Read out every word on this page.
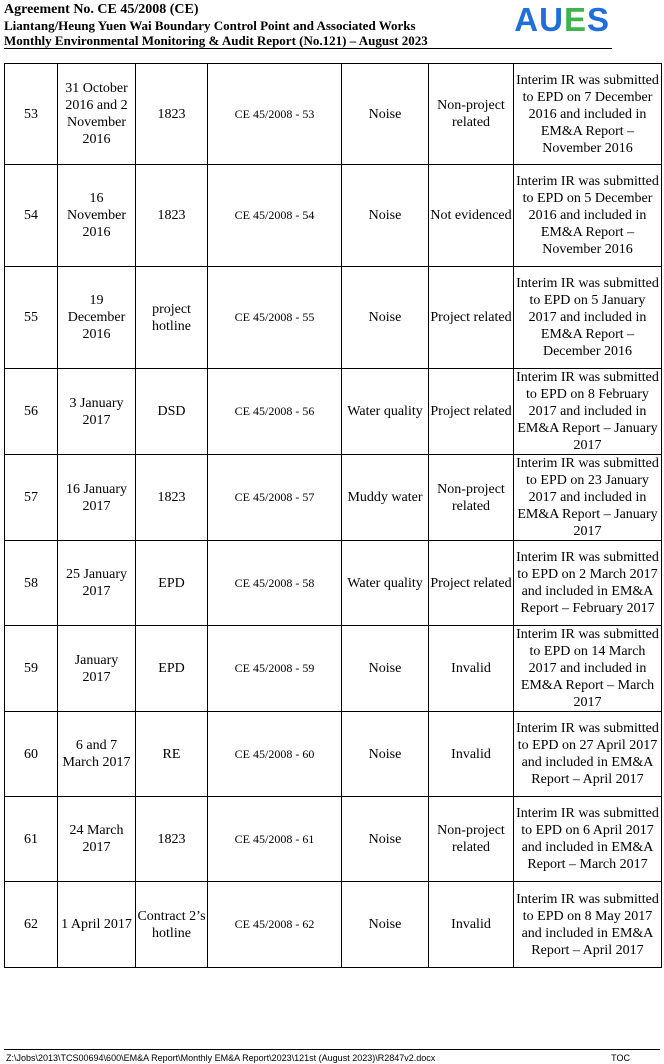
Agreement No. CE 45/2008 (CE)
Liantang/Heung Yuen Wai Boundary Control Point and Associated Works
Monthly Environmental Monitoring & Audit Report (No.121) – August 2023
AUES
53	31 October 2016 and 2 November 2016	1823	CE 45/2008 - 53	Noise	Non-project related	Interim IR was submitted to EPD on 7 December 2016 and included in EM&A Report – November 2016
54	16 November 2016	1823	CE 45/2008 - 54	Noise	Not evidenced	Interim IR was submitted to EPD on 5 December 2016 and included in EM&A Report – November 2016
55	19 December 2016	project hotline	CE 45/2008 - 55	Noise	Project related	Interim IR was submitted to EPD on 5 January 2017 and included in EM&A Report – December 2016
56	3 January 2017	DSD	CE 45/2008 - 56	Water quality	Project related	Interim IR was submitted to EPD on 8 February 2017 and included in EM&A Report – January 2017
57	16 January 2017	1823	CE 45/2008 - 57	Muddy water	Non-project related	Interim IR was submitted to EPD on 23 January 2017 and included in EM&A Report – January 2017
58	25 January 2017	EPD	CE 45/2008 - 58	Water quality	Project related	Interim IR was submitted to EPD on 2 March 2017 and included in EM&A Report – February 2017
59	January 2017	EPD	CE 45/2008 - 59	Noise	Invalid	Interim IR was submitted to EPD on 14 March 2017 and included in EM&A Report – March 2017
60	6 and 7 March 2017	RE	CE 45/2008 - 60	Noise	Invalid	Interim IR was submitted to EPD on 27 April 2017 and included in EM&A Report – April 2017
61	24 March 2017	1823	CE 45/2008 - 61	Noise	Non-project related	Interim IR was submitted to EPD on 6 April 2017 and included in EM&A Report – March 2017
62	1 April 2017	Contract 2’s hotline	CE 45/2008 - 62	Noise	Invalid	Interim IR was submitted to EPD on 8 May 2017 and included in EM&A Report – April 2017
Z:\Jobs\2013\TCS00694\600\EM&A Report\Monthly EM&A Report\2023\121st (August 2023)\R2847v2.docx	TOC
